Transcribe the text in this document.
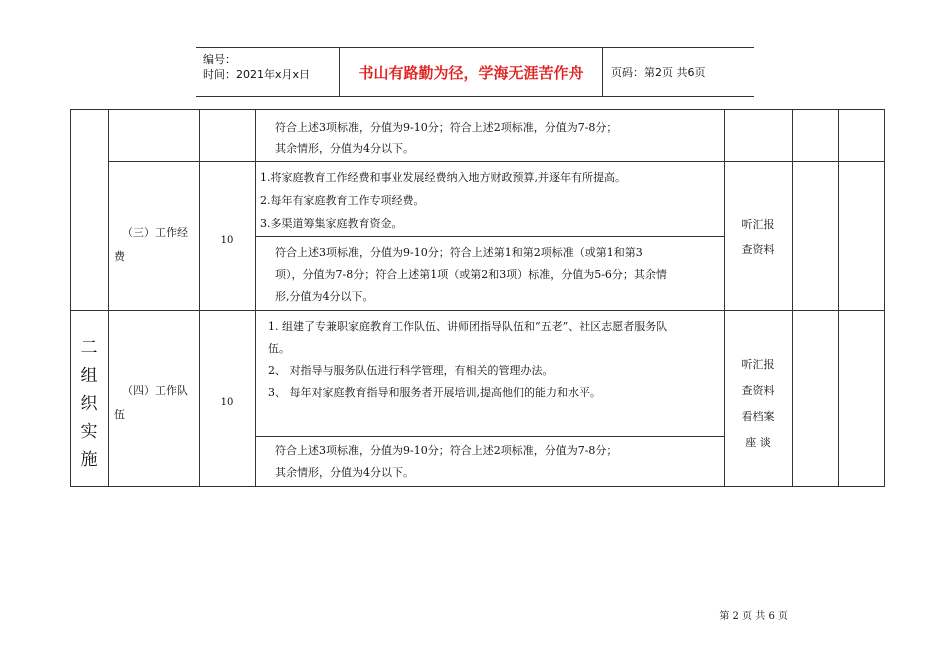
编号：
时间：2021年x月x日	书山有路勤为径，学海无涯苦作舟	页码：第2页 共6页
二
组
织
实
施
符合上述3项标准，分值为9-10分；符合上述2项标准，分值为7-8分；
其余情形，分值为4分以下。
（三）工作经
费
10
1.将家庭教育工作经费和事业发展经费纳入地方财政预算,并逐年有所提高。
2.每年有家庭教育工作专项经费。
3.多渠道筹集家庭教育资金。
符合上述3项标准，分值为9-10分；符合上述第1和第2项标准（或第1和第3
项），分值为7-8分；符合上述第1项（或第2和3项）标准，分值为5-6分；其余情
形,分值为4分以下。
听汇报
查资料
（四）工作队
伍
10
1. 组建了专兼职家庭教育工作队伍、讲师团指导队伍和“五老”、社区志愿者服务队
伍。
2、 对指导与服务队伍进行科学管理，有相关的管理办法。
3、 每年对家庭教育指导和服务者开展培训,提高他们的能力和水平。
符合上述3项标准，分值为9-10分；符合上述2项标准，分值为7-8分；
其余情形，分值为4分以下。
听汇报
查资料
看档案
座 谈
第 2 页 共 6 页
